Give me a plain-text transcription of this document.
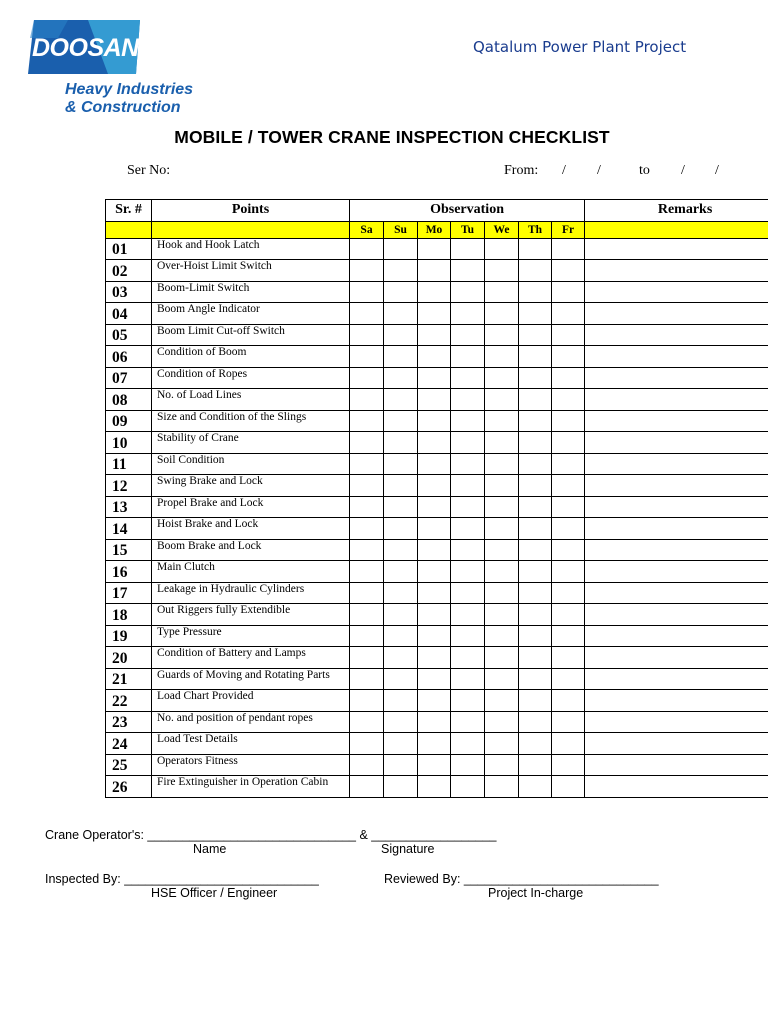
DOOSAN
Heavy Industries
& Construction
Qatalum Power Plant Project
MOBILE / TOWER CRANE INSPECTION CHECKLIST
Ser No:	From: / /	to / /
Sr. #	Points	Observation							Remarks
		Sa	Su	Mo	Tu	We	Th	Fr	
01	Hook and Hook Latch								
02	Over-Hoist Limit Switch								
03	Boom-Limit Switch								
04	Boom Angle Indicator								
05	Boom Limit Cut-off Switch								
06	Condition of Boom								
07	Condition of Ropes								
08	No. of Load Lines								
09	Size and Condition of the Slings								
10	Stability of Crane								
11	Soil Condition								
12	Swing Brake and Lock								
13	Propel Brake and Lock								
14	Hoist Brake and Lock								
15	Boom Brake and Lock								
16	Main Clutch								
17	Leakage in Hydraulic Cylinders								
18	Out Riggers fully Extendible								
19	Type Pressure								
20	Condition of Battery and Lamps								
21	Guards of Moving and Rotating Parts								
22	Load Chart Provided								
23	No. and position of pendant ropes								
24	Load Test Details								
25	Operators Fitness								
26	Fire Extinguisher in Operation Cabin								
Crane Operator's: ______________________________ & __________________
Name	Signature
Inspected By: ____________________________	Reviewed By: ____________________________
HSE Officer / Engineer	Project In-charge
